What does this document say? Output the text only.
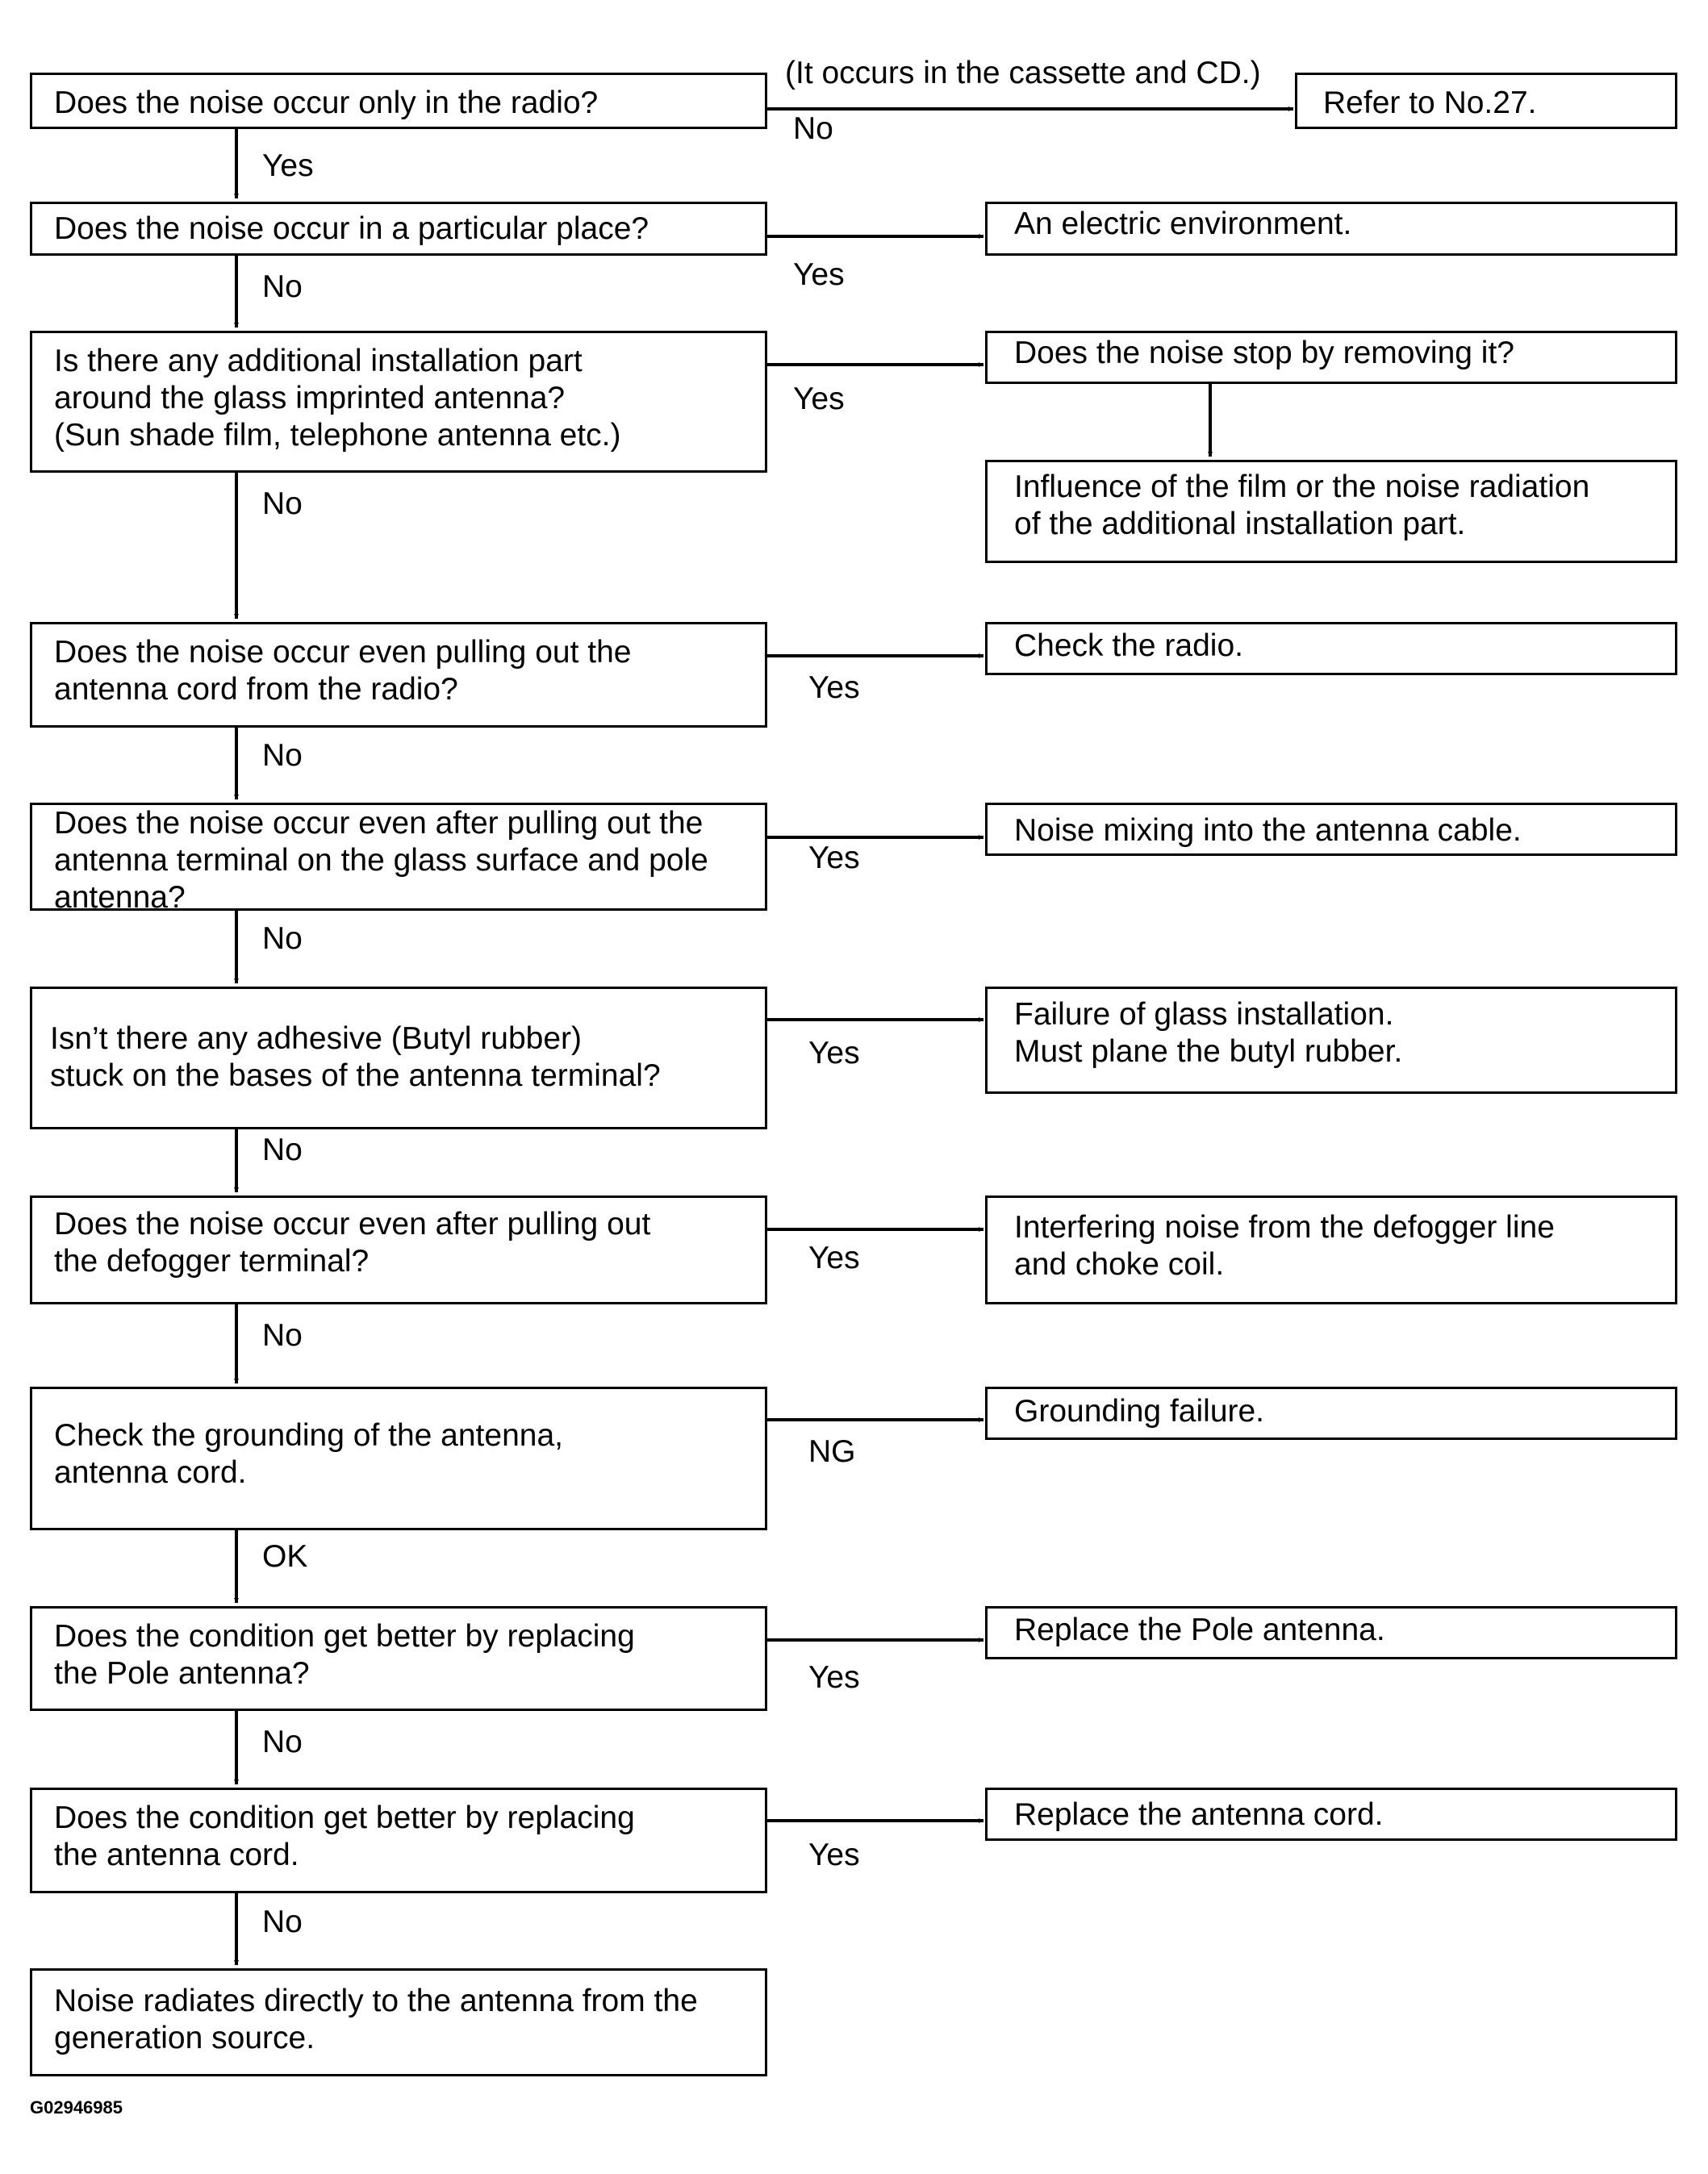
Does the noise occur only in the radio?
Does the noise occur in a particular place?
Is there any additional installation part
around the glass imprinted antenna?
(Sun shade film, telephone antenna etc.)
Does the noise occur even pulling out the
antenna cord from the radio?
Does the noise occur even after pulling out the
antenna terminal on the glass surface and pole
antenna?
Isn’t there any adhesive (Butyl rubber)
stuck on the bases of the antenna terminal?
Does the noise occur even after pulling out
the defogger terminal?
Check the grounding of the antenna,
antenna cord.
Does the condition get better by replacing
the Pole antenna?
Does the condition get better by replacing
the antenna cord.
Noise radiates directly to the antenna from the
generation source.
Refer to No.27.
An electric environment.
Does the noise stop by removing it?
Influence of the film or the noise radiation
of the additional installation part.
Check the radio.
Noise mixing into the antenna cable.
Failure of glass installation.
Must plane the butyl rubber.
Interfering noise from the defogger line
and choke coil.
Grounding failure.
Replace the Pole antenna.
Replace the antenna cord.
(It occurs in the cassette and CD.)
No
Yes
Yes
No
Yes
No
Yes
No
Yes
No
Yes
No
Yes
No
NG
OK
Yes
No
Yes
No
G02946985
